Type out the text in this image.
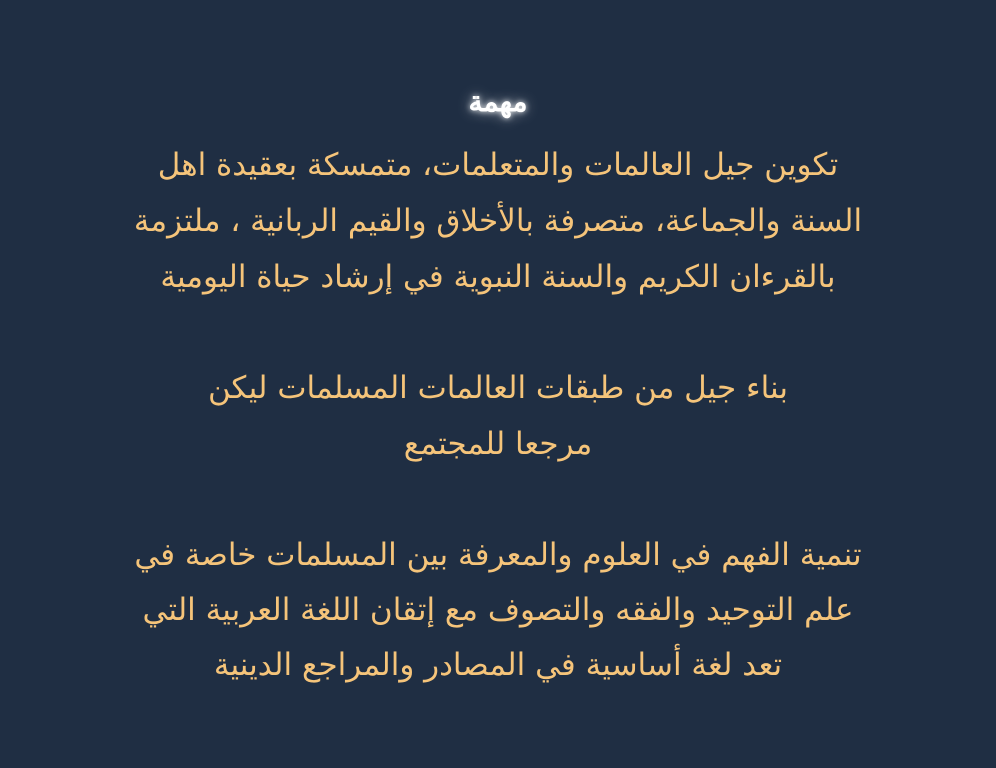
مهمة
تكوين جيل العالمات والمتعلمات، متمسكة بعقيدة اهل
السنة والجماعة، متصرفة بالأخلاق والقيم الربانية ، ملتزمة
بالقرءان الكريم والسنة النبوية في إرشاد حياة اليومية
بناء جيل من طبقات العالمات المسلمات ليكن
مرجعا للمجتمع
تنمية الفهم في العلوم والمعرفة بين المسلمات خاصة في
علم التوحيد والفقه والتصوف مع إتقان اللغة العربية التي
تعد لغة أساسية في المصادر والمراجع الدينية
